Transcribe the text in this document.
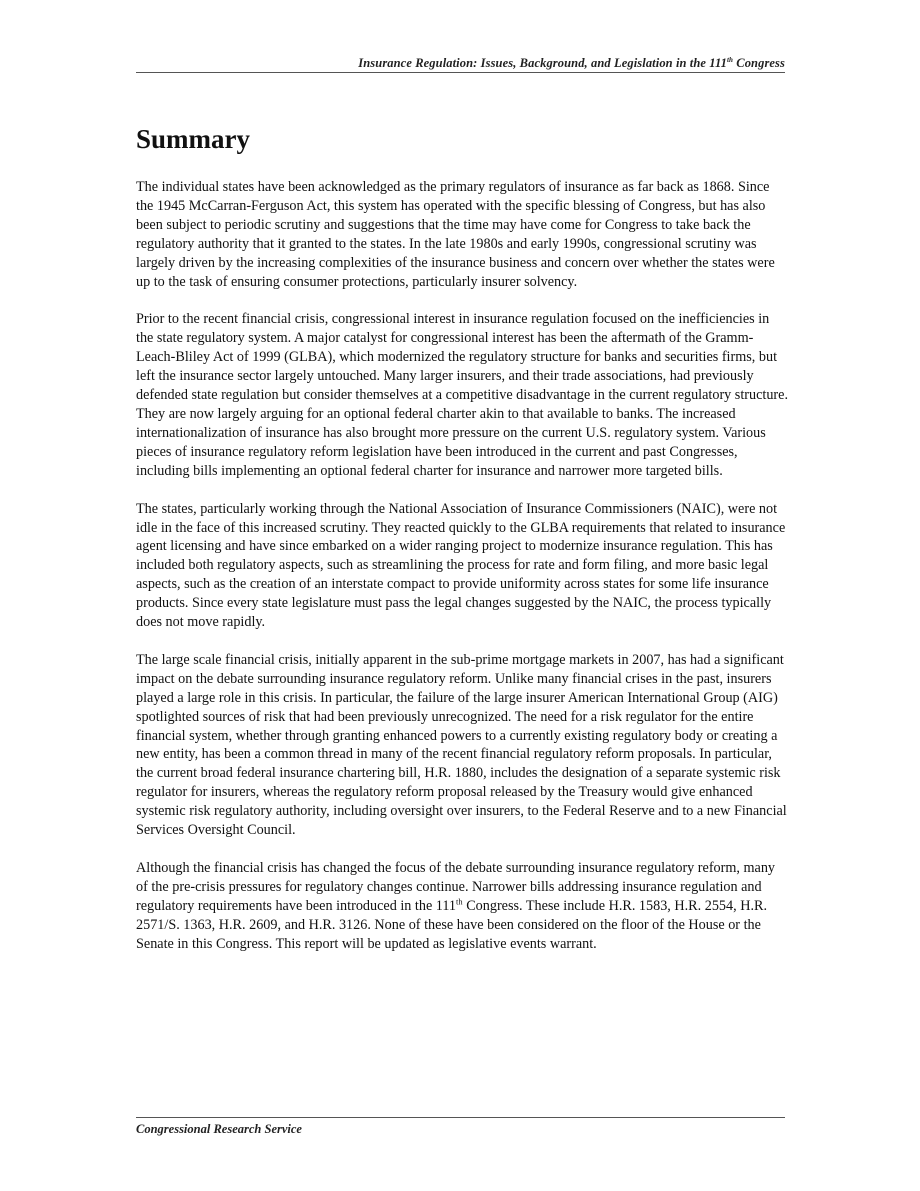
Insurance Regulation: Issues, Background, and Legislation in the 111th Congress
Summary

The individual states have been acknowledged as the primary regulators of insurance as far back as 1868. Since the 1945 McCarran-Ferguson Act, this system has operated with the specific blessing of Congress, but has also been subject to periodic scrutiny and suggestions that the time may have come for Congress to take back the regulatory authority that it granted to the states. In the late 1980s and early 1990s, congressional scrutiny was largely driven by the increasing complexities of the insurance business and concern over whether the states were up to the task of ensuring consumer protections, particularly insurer solvency.

Prior to the recent financial crisis, congressional interest in insurance regulation focused on the inefficiencies in the state regulatory system. A major catalyst for congressional interest has been the aftermath of the Gramm-Leach-Bliley Act of 1999 (GLBA), which modernized the regulatory structure for banks and securities firms, but left the insurance sector largely untouched. Many larger insurers, and their trade associations, had previously defended state regulation but consider themselves at a competitive disadvantage in the current regulatory structure. They are now largely arguing for an optional federal charter akin to that available to banks. The increased internationalization of insurance has also brought more pressure on the current U.S. regulatory system. Various pieces of insurance regulatory reform legislation have been introduced in the current and past Congresses, including bills implementing an optional federal charter for insurance and narrower more targeted bills.

The states, particularly working through the National Association of Insurance Commissioners (NAIC), were not idle in the face of this increased scrutiny. They reacted quickly to the GLBA requirements that related to insurance agent licensing and have since embarked on a wider ranging project to modernize insurance regulation. This has included both regulatory aspects, such as streamlining the process for rate and form filing, and more basic legal aspects, such as the creation of an interstate compact to provide uniformity across states for some life insurance products. Since every state legislature must pass the legal changes suggested by the NAIC, the process typically does not move rapidly.

The large scale financial crisis, initially apparent in the sub-prime mortgage markets in 2007, has had a significant impact on the debate surrounding insurance regulatory reform. Unlike many financial crises in the past, insurers played a large role in this crisis. In particular, the failure of the large insurer American International Group (AIG) spotlighted sources of risk that had been previously unrecognized. The need for a risk regulator for the entire financial system, whether through granting enhanced powers to a currently existing regulatory body or creating a new entity, has been a common thread in many of the recent financial regulatory reform proposals. In particular, the current broad federal insurance chartering bill, H.R. 1880, includes the designation of a separate systemic risk regulator for insurers, whereas the regulatory reform proposal released by the Treasury would give enhanced systemic risk regulatory authority, including oversight over insurers, to the Federal Reserve and to a new Financial Services Oversight Council.

Although the financial crisis has changed the focus of the debate surrounding insurance regulatory reform, many of the pre-crisis pressures for regulatory changes continue. Narrower bills addressing insurance regulation and regulatory requirements have been introduced in the 111th Congress. These include H.R. 1583, H.R. 2554, H.R. 2571/S. 1363, H.R. 2609, and H.R. 3126. None of these have been considered on the floor of the House or the Senate in this Congress. This report will be updated as legislative events warrant.

Congressional Research Service
